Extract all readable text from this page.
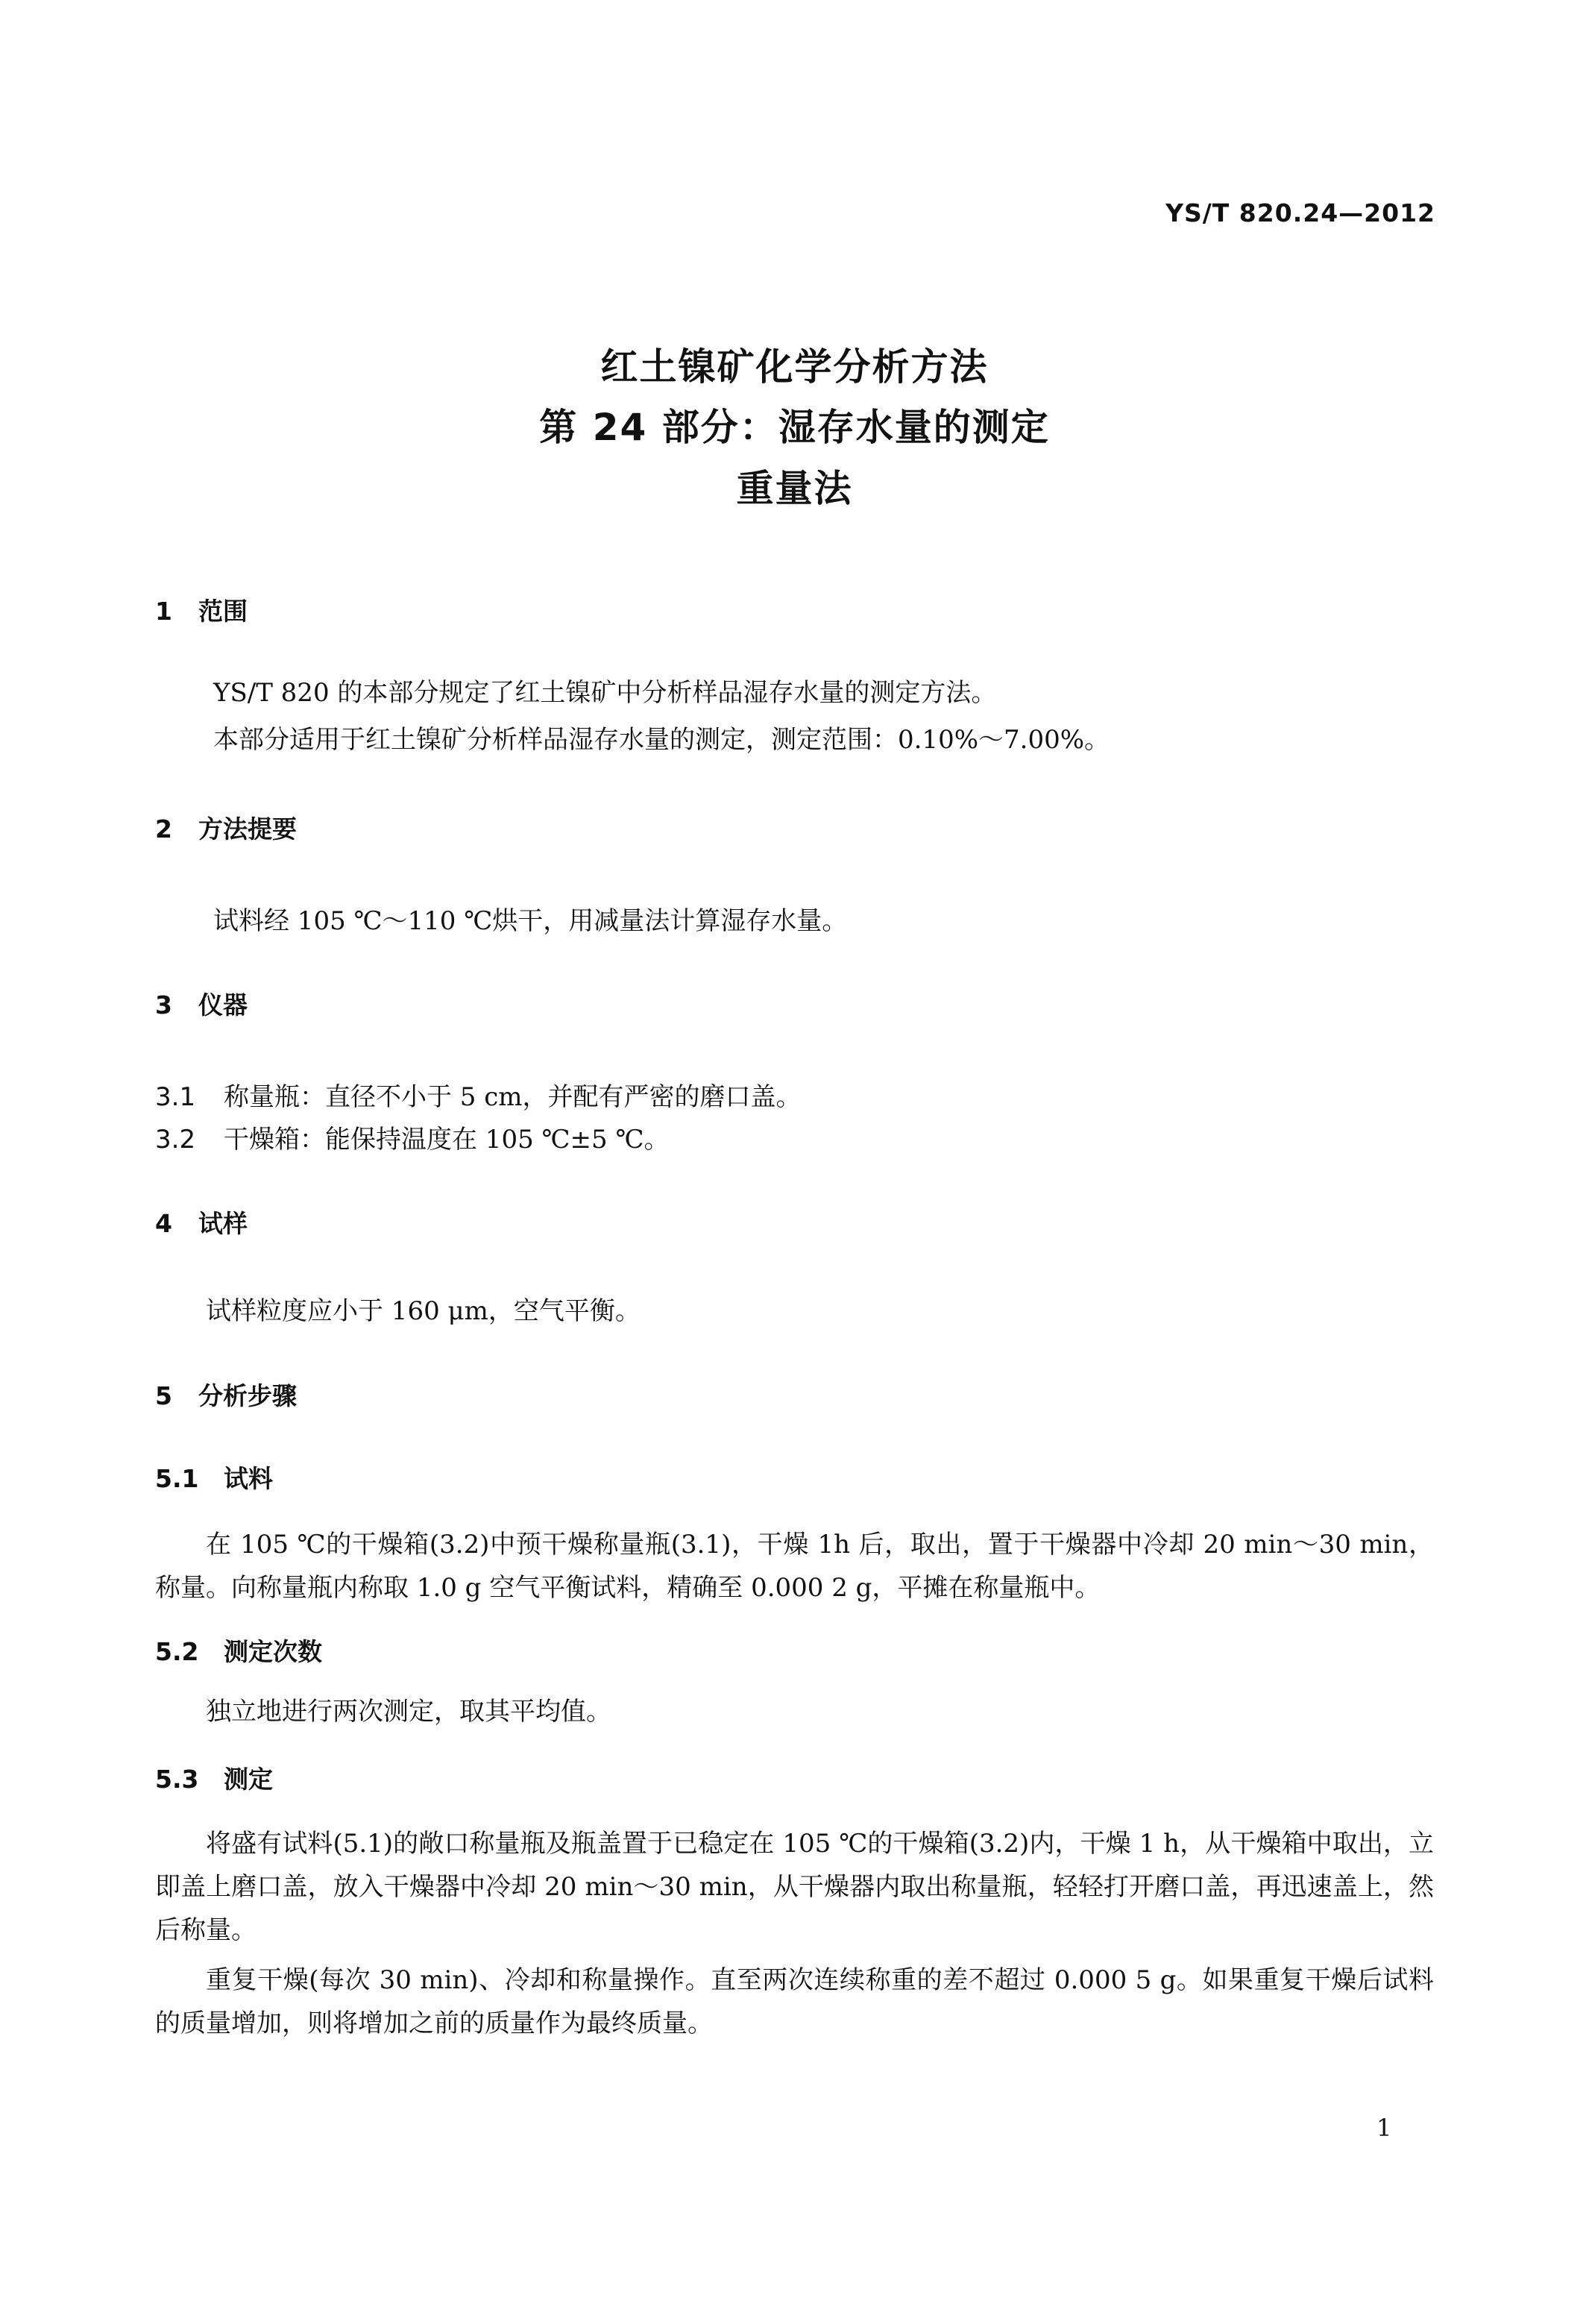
YS/T 820.24—2012
红土镍矿化学分析方法
第 24 部分：湿存水量的测定
重量法
1 范围
YS/T 820 的本部分规定了红土镍矿中分析样品湿存水量的测定方法。
本部分适用于红土镍矿分析样品湿存水量的测定，测定范围：0.10%～7.00%。
2 方法提要
试料经 105 ℃～110 ℃烘干，用减量法计算湿存水量。
3 仪器
3.1 称量瓶：直径不小于 5 cm，并配有严密的磨口盖。
3.2 干燥箱：能保持温度在 105 ℃±5 ℃。
4 试样
试样粒度应小于 160 μm，空气平衡。
5 分析步骤
5.1 试料
在 105 ℃的干燥箱(3.2)中预干燥称量瓶(3.1)，干燥 1h 后，取出，置于干燥器中冷却 20 min～30 min，称量。向称量瓶内称取 1.0 g 空气平衡试料，精确至 0.000 2 g，平摊在称量瓶中。
5.2 测定次数
独立地进行两次测定，取其平均值。
5.3 测定
将盛有试料(5.1)的敞口称量瓶及瓶盖置于已稳定在 105 ℃的干燥箱(3.2)内，干燥 1 h，从干燥箱中取出，立即盖上磨口盖，放入干燥器中冷却 20 min～30 min，从干燥器内取出称量瓶，轻轻打开磨口盖，再迅速盖上，然后称量。
重复干燥(每次 30 min)、冷却和称量操作。直至两次连续称重的差不超过 0.000 5 g。如果重复干燥后试料的质量增加，则将增加之前的质量作为最终质量。
1
